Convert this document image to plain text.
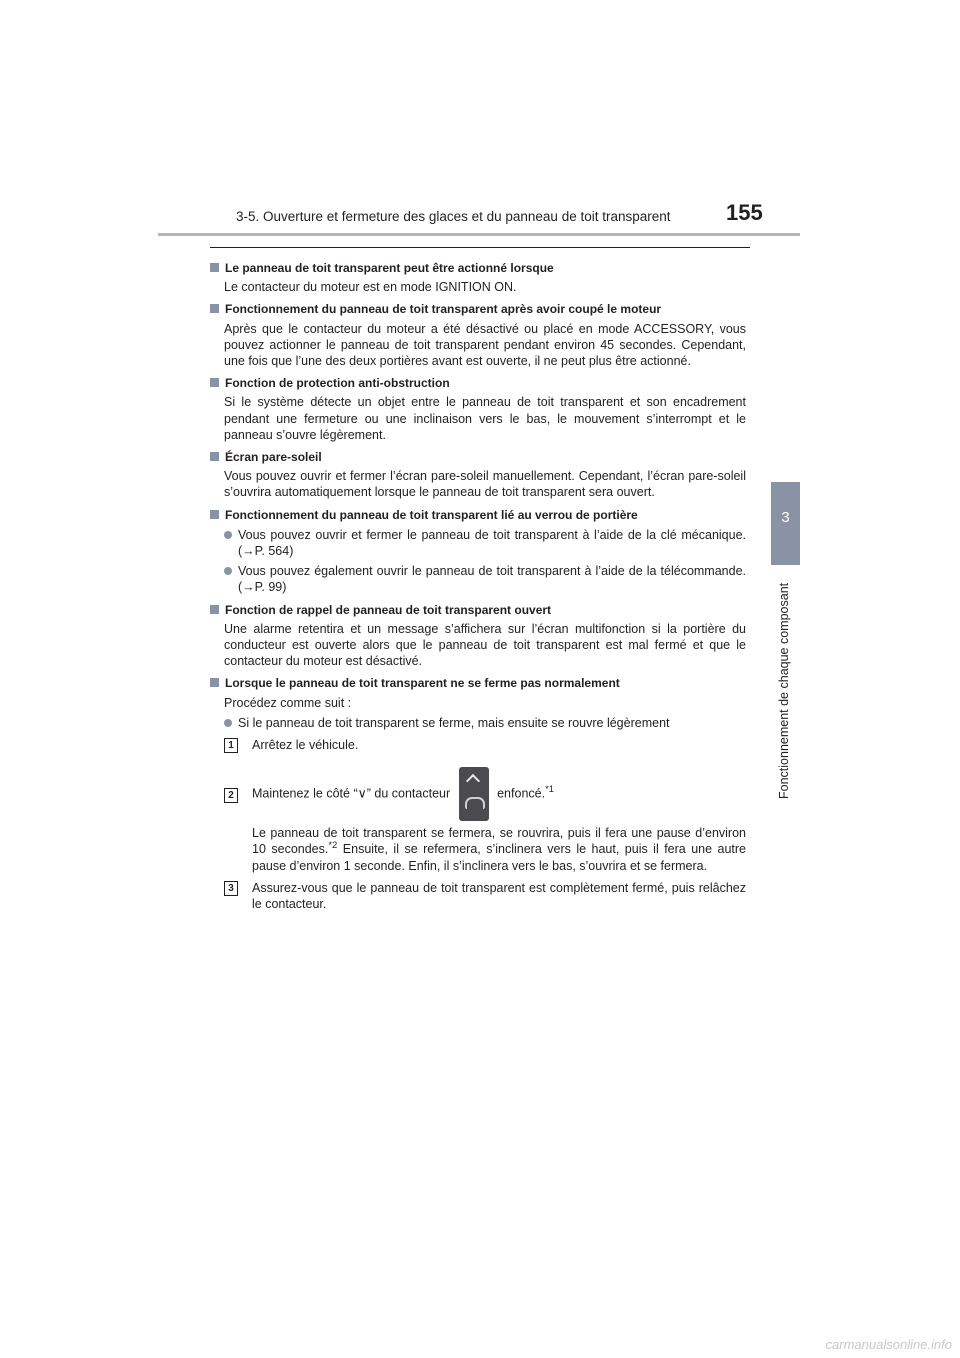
3-5. Ouverture et fermeture des glaces et du panneau de toit transparent	155
3
Fonctionnement de chaque composant
Le panneau de toit transparent peut être actionné lorsque
Le contacteur du moteur est en mode IGNITION ON.
Fonctionnement du panneau de toit transparent après avoir coupé le moteur
Après que le contacteur du moteur a été désactivé ou placé en mode ACCESSORY, vous pouvez actionner le panneau de toit transparent pendant environ 45 secondes. Cependant, une fois que l’une des deux portières avant est ouverte, il ne peut plus être actionné.
Fonction de protection anti-obstruction
Si le système détecte un objet entre le panneau de toit transparent et son encadrement pendant une fermeture ou une inclinaison vers le bas, le mouvement s’interrompt et le panneau s’ouvre légèrement.
Écran pare-soleil
Vous pouvez ouvrir et fermer l’écran pare-soleil manuellement. Cependant, l’écran pare-soleil s’ouvrira automatiquement lorsque le panneau de toit transparent sera ouvert.
Fonctionnement du panneau de toit transparent lié au verrou de portière
Vous pouvez ouvrir et fermer le panneau de toit transparent à l’aide de la clé mécanique. (→P. 564)
Vous pouvez également ouvrir le panneau de toit transparent à l’aide de la télécommande. (→P. 99)
Fonction de rappel de panneau de toit transparent ouvert
Une alarme retentira et un message s’affichera sur l’écran multifonction si la portière du conducteur est ouverte alors que le panneau de toit transparent est mal fermé et que le contacteur du moteur est désactivé.
Lorsque le panneau de toit transparent ne se ferme pas normalement
Procédez comme suit :
Si le panneau de toit transparent se ferme, mais ensuite se rouvre légèrement
1	Arrêtez le véhicule.
2	Maintenez le côté “∨” du contacteur	enfoncé.$^{*1}$
Le panneau de toit transparent se fermera, se rouvrira, puis il fera une pause d’environ 10 secondes.$^{*2}$ Ensuite, il se refermera, s’inclinera vers le haut, puis il fera une autre pause d’environ 1 seconde. Enfin, il s’inclinera vers le bas, s’ouvrira et se fermera.
3	Assurez-vous que le panneau de toit transparent est complètement fermé, puis relâchez le contacteur.
carmanualsonline.info
